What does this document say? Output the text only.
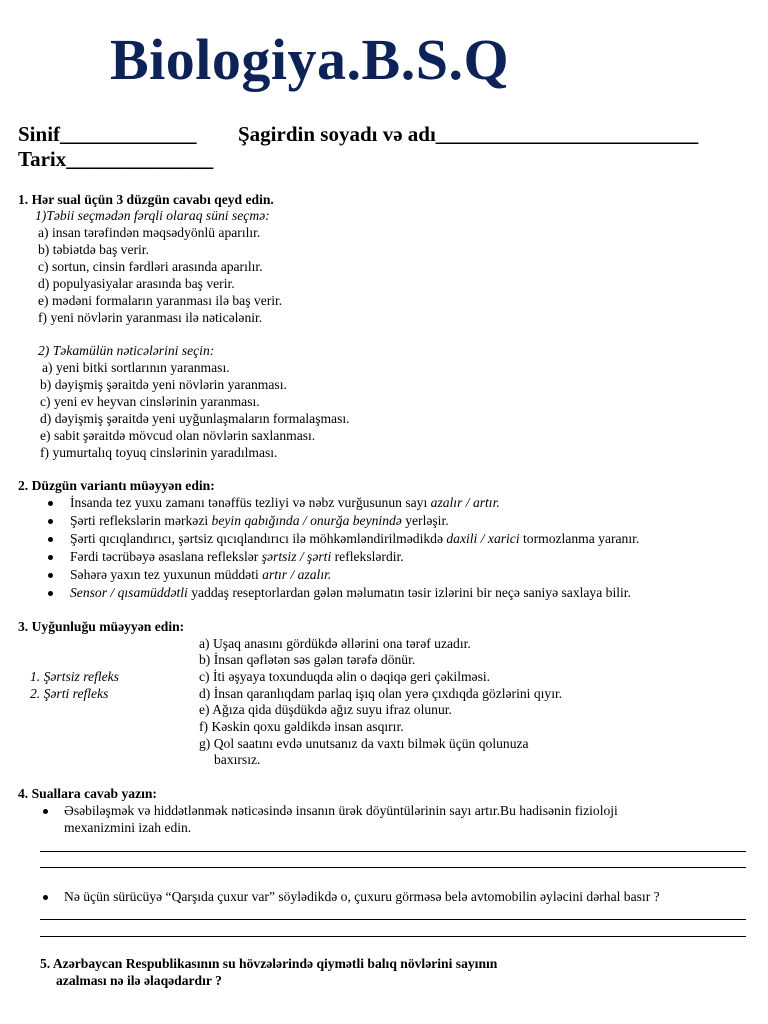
Biologiya.B.S.Q
Sinif_____________ Şagirdin soyadı və adı_________________________
Tarix______________
1. Hər sual üçün 3 düzgün cavabı qeyd edin.
1)Təbii seçmədən fərqli olaraq süni seçmə:
a) insan tərəfindən məqsədyönlü aparılır.
b) təbiətdə baş verir.
c) sortun, cinsin fərdləri arasında aparılır.
d) populyasiyalar arasında baş verir.
e) mədəni formaların yaranması ilə baş verir.
f) yeni növlərin yaranması ilə nəticələnir.
2) Təkamülün nəticələrini seçin:
a) yeni bitki sortlarının yaranması.
b) dəyişmiş şəraitdə yeni növlərin yaranması.
c) yeni ev heyvan cinslərinin yaranması.
d) dəyişmiş şəraitdə yeni uyğunlaşmaların formalaşması.
e) sabit şəraitdə mövcud olan növlərin saxlanması.
f) yumurtalıq toyuq cinslərinin yaradılması.
2. Düzgün variantı müəyyən edin:
İnsanda tez yuxu zamanı tənəffüs tezliyi və nəbz vurğusunun sayı azalır / artır.
Şərti reflekslərin mərkəzi beyin qabığında / onurğa beynində yerləşir.
Şərti qıcıqlandırıcı, şərtsiz qıcıqlandırıcı ilə möhkəmləndirilmədikdə daxili / xarici tormozlanma yaranır.
Fərdi təcrübəyə əsaslana reflekslər şərtsiz / şərti reflekslərdir.
Səhərə yaxın tez yuxunun müddəti artır / azalır.
Sensor / qısamüddətli yaddaş reseptorlardan gələn məlumatın təsir izlərini bir neçə saniyə saxlaya bilir.
3. Uyğunluğu müəyyən edin:
a) Uşaq anasını gördükdə əllərini ona tərəf uzadır.
b) İnsan qəflətən səs gələn tərəfə dönür.
c) İti əşyaya toxunduqda əlin o dəqiqə geri çəkilməsi.
d) İnsan qaranlıqdam parlaq işıq olan yerə çıxdıqda gözlərini qıyır.
e) Ağıza qida düşdükdə ağız suyu ifraz olunur.
f) Kəskin qoxu gəldikdə insan asqırır.
g) Qol saatını evdə unutsanız da vaxtı bilmək üçün qolunuza
baxırsız.
1. Şərtsiz refleks
2. Şərti refleks
4. Suallara cavab yazın:
Əsəbiləşmək və hiddətlənmək nəticəsində insanın ürək döyüntülərinin sayı artır.Bu hadisənin fizioloji
mexanizmini izah edin.
Nə üçün sürücüyə “Qarşıda çuxur var” söylədikdə o, çuxuru görməsə belə avtomobilin əyləcini dərhal basır ?
5. Azərbaycan Respublikasının su hövzələrində qiymətli balıq növlərini sayının
azalması nə ilə əlaqədardır ?
